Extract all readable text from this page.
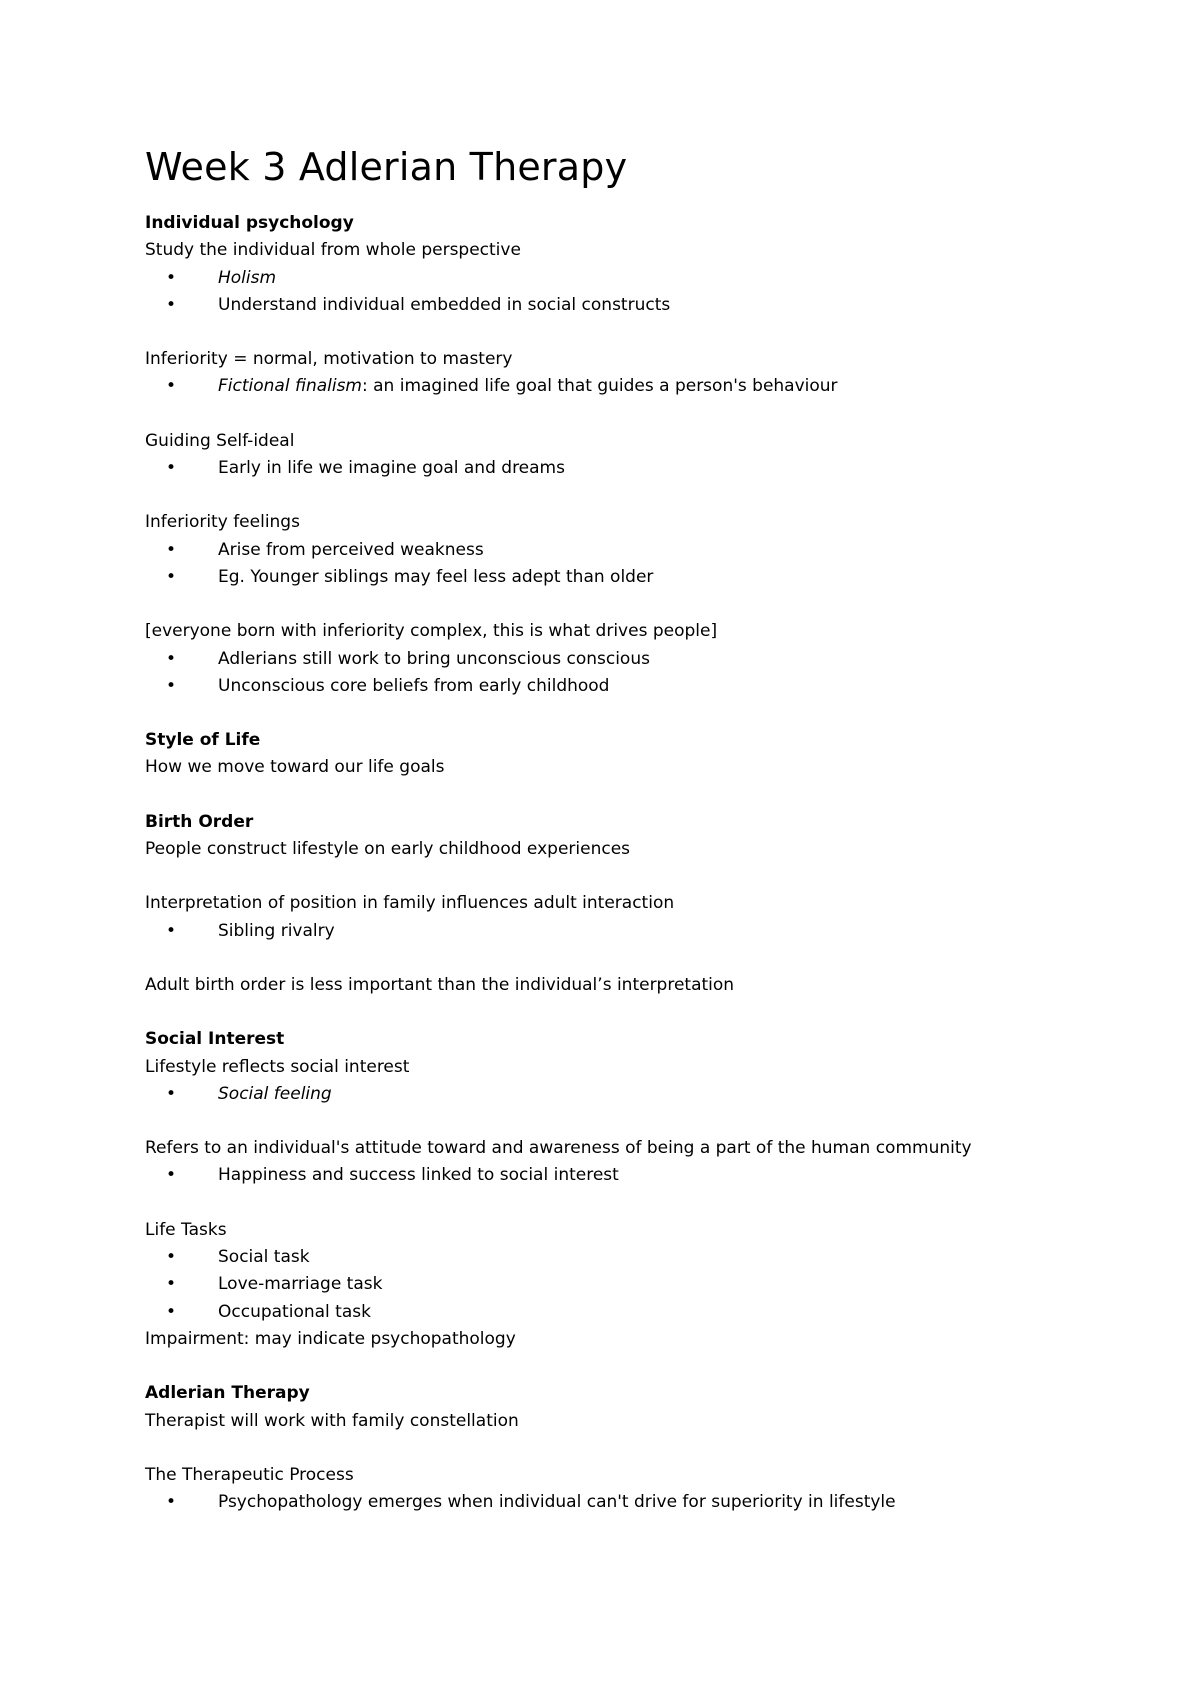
Week 3 Adlerian Therapy
Individual psychology
Study the individual from whole perspective
• Holism
• Understand individual embedded in social constructs
Inferiority = normal, motivation to mastery
• Fictional finalism: an imagined life goal that guides a person's behaviour
Guiding Self-ideal
• Early in life we imagine goal and dreams
Inferiority feelings
• Arise from perceived weakness
• Eg. Younger siblings may feel less adept than older
[everyone born with inferiority complex, this is what drives people]
• Adlerians still work to bring unconscious conscious
• Unconscious core beliefs from early childhood
Style of Life
How we move toward our life goals
Birth Order
People construct lifestyle on early childhood experiences
Interpretation of position in family influences adult interaction
• Sibling rivalry
Adult birth order is less important than the individual’s interpretation
Social Interest
Lifestyle reflects social interest
• Social feeling
Refers to an individual's attitude toward and awareness of being a part of the human community
• Happiness and success linked to social interest
Life Tasks
• Social task
• Love-marriage task
• Occupational task
Impairment: may indicate psychopathology
Adlerian Therapy
Therapist will work with family constellation
The Therapeutic Process
• Psychopathology emerges when individual can't drive for superiority in lifestyle
